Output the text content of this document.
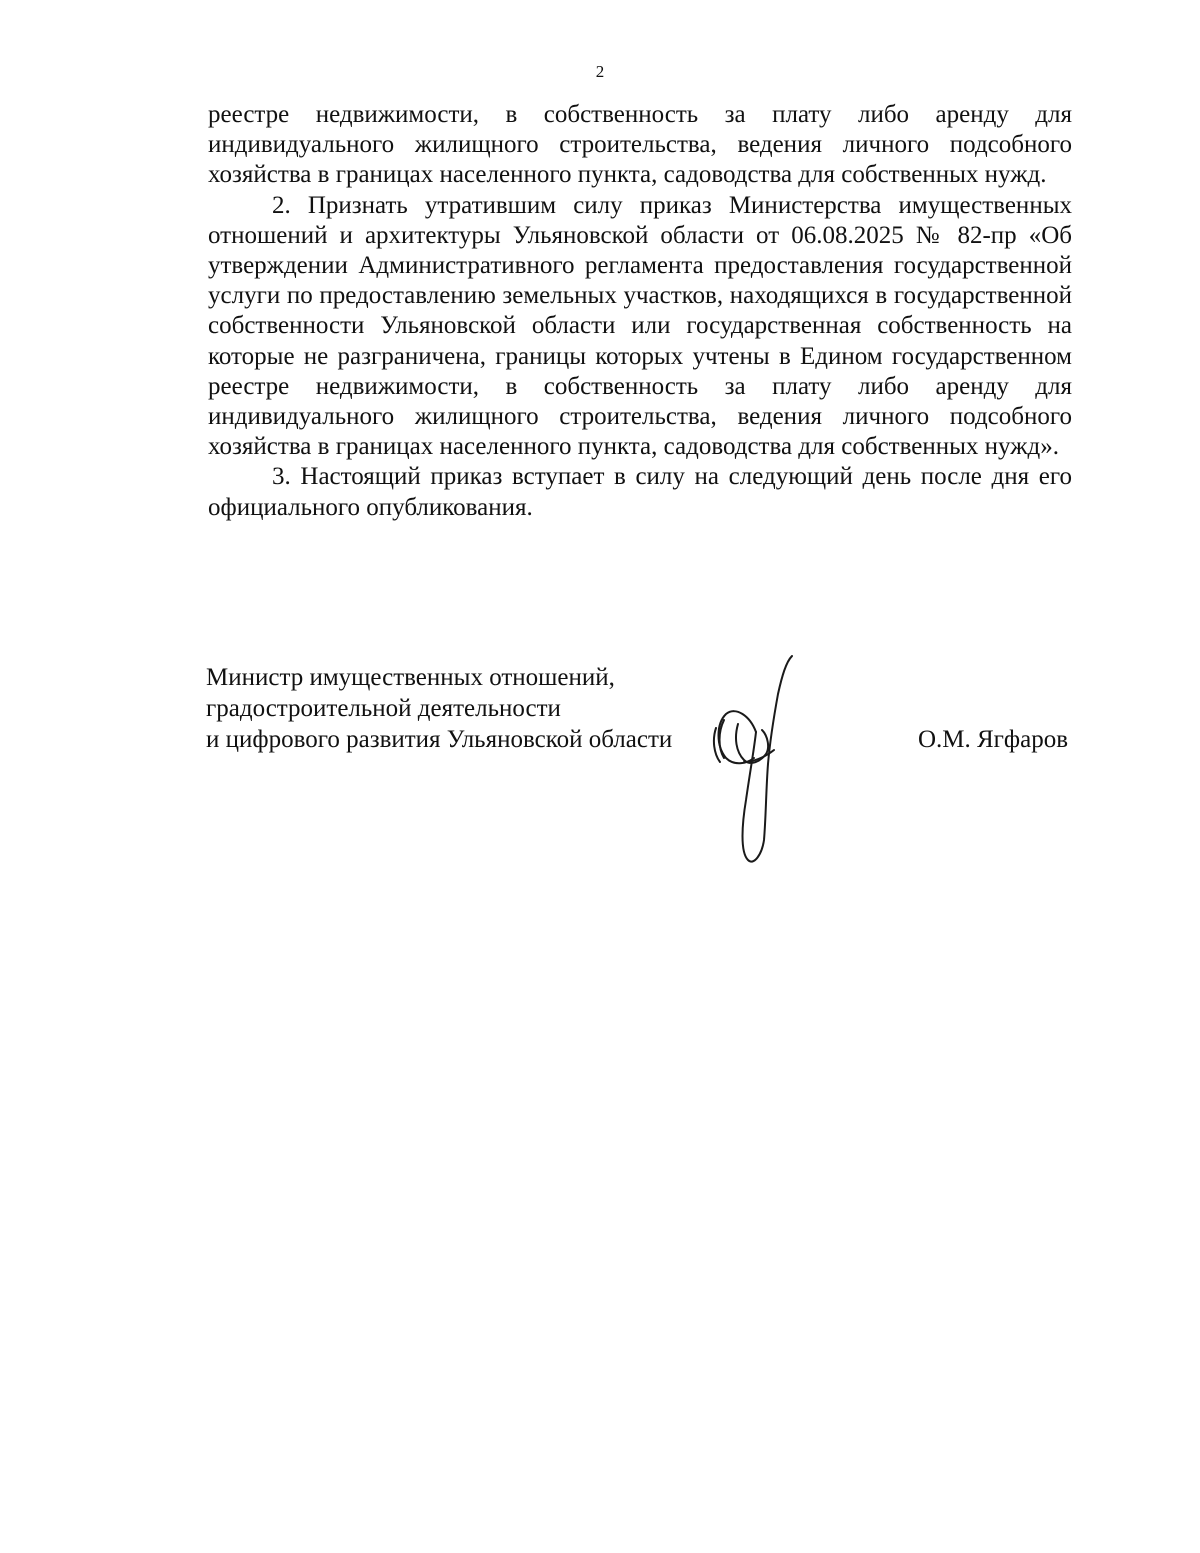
2

реестре недвижимости, в собственность за плату либо аренду для индивидуального жилищного строительства, ведения личного подсобного хозяйства в границах населенного пункта, садоводства для собственных нужд.

2. Признать утратившим силу приказ Министерства имущественных отношений и архитектуры Ульяновской области от 06.08.2025 № 82-пр «Об утверждении Административного регламента предоставления государственной услуги по предоставлению земельных участков, находящихся в государственной собственности Ульяновской области или государственная собственность на которые не разграничена, границы которых учтены в Едином государственном реестре недвижимости, в собственность за плату либо аренду для индивидуального жилищного строительства, ведения личного подсобного хозяйства в границах населенного пункта, садоводства для собственных нужд».

3. Настоящий приказ вступает в силу на следующий день после дня его официального опубликования.

Министр имущественных отношений,
градостроительной деятельности
и цифрового развития Ульяновской области	О.М. Ягфаров
